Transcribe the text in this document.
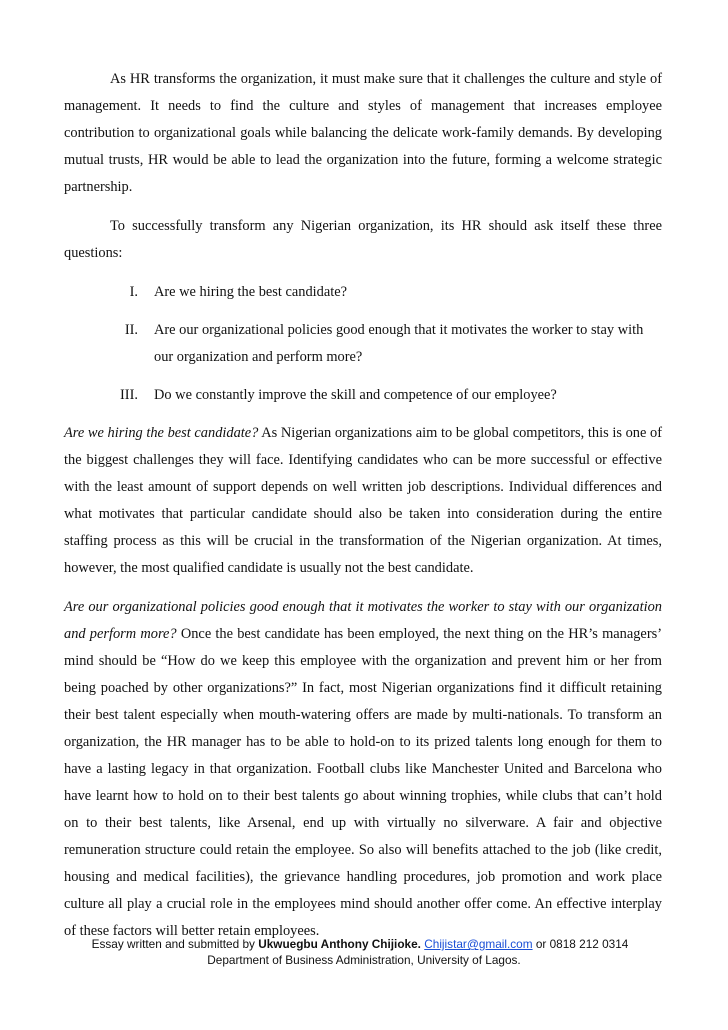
As HR transforms the organization, it must make sure that it challenges the culture and style of management. It needs to find the culture and styles of management that increases employee contribution to organizational goals while balancing the delicate work-family demands. By developing mutual trusts, HR would be able to lead the organization into the future, forming a welcome strategic partnership.

To successfully transform any Nigerian organization, its HR should ask itself these three questions:

I. Are we hiring the best candidate?
II. Are our organizational policies good enough that it motivates the worker to stay with our organization and perform more?
III. Do we constantly improve the skill and competence of our employee?

Are we hiring the best candidate? As Nigerian organizations aim to be global competitors, this is one of the biggest challenges they will face. Identifying candidates who can be more successful or effective with the least amount of support depends on well written job descriptions. Individual differences and what motivates that particular candidate should also be taken into consideration during the entire staffing process as this will be crucial in the transformation of the Nigerian organization. At times, however, the most qualified candidate is usually not the best candidate.

Are our organizational policies good enough that it motivates the worker to stay with our organization and perform more? Once the best candidate has been employed, the next thing on the HR’s managers’ mind should be “How do we keep this employee with the organization and prevent him or her from being poached by other organizations?” In fact, most Nigerian organizations find it difficult retaining their best talent especially when mouth-watering offers are made by multi-nationals. To transform an organization, the HR manager has to be able to hold-on to its prized talents long enough for them to have a lasting legacy in that organization. Football clubs like Manchester United and Barcelona who have learnt how to hold on to their best talents go about winning trophies, while clubs that can’t hold on to their best talents, like Arsenal, end up with virtually no silverware. A fair and objective remuneration structure could retain the employee. So also will benefits attached to the job (like credit, housing and medical facilities), the grievance handling procedures, job promotion and work place culture all play a crucial role in the employees mind should another offer come. An effective interplay of these factors will better retain employees.

Essay written and submitted by Ukwuegbu Anthony Chijioke. Chijistar@gmail.com or 0818 212 0314
Department of Business Administration, University of Lagos.
